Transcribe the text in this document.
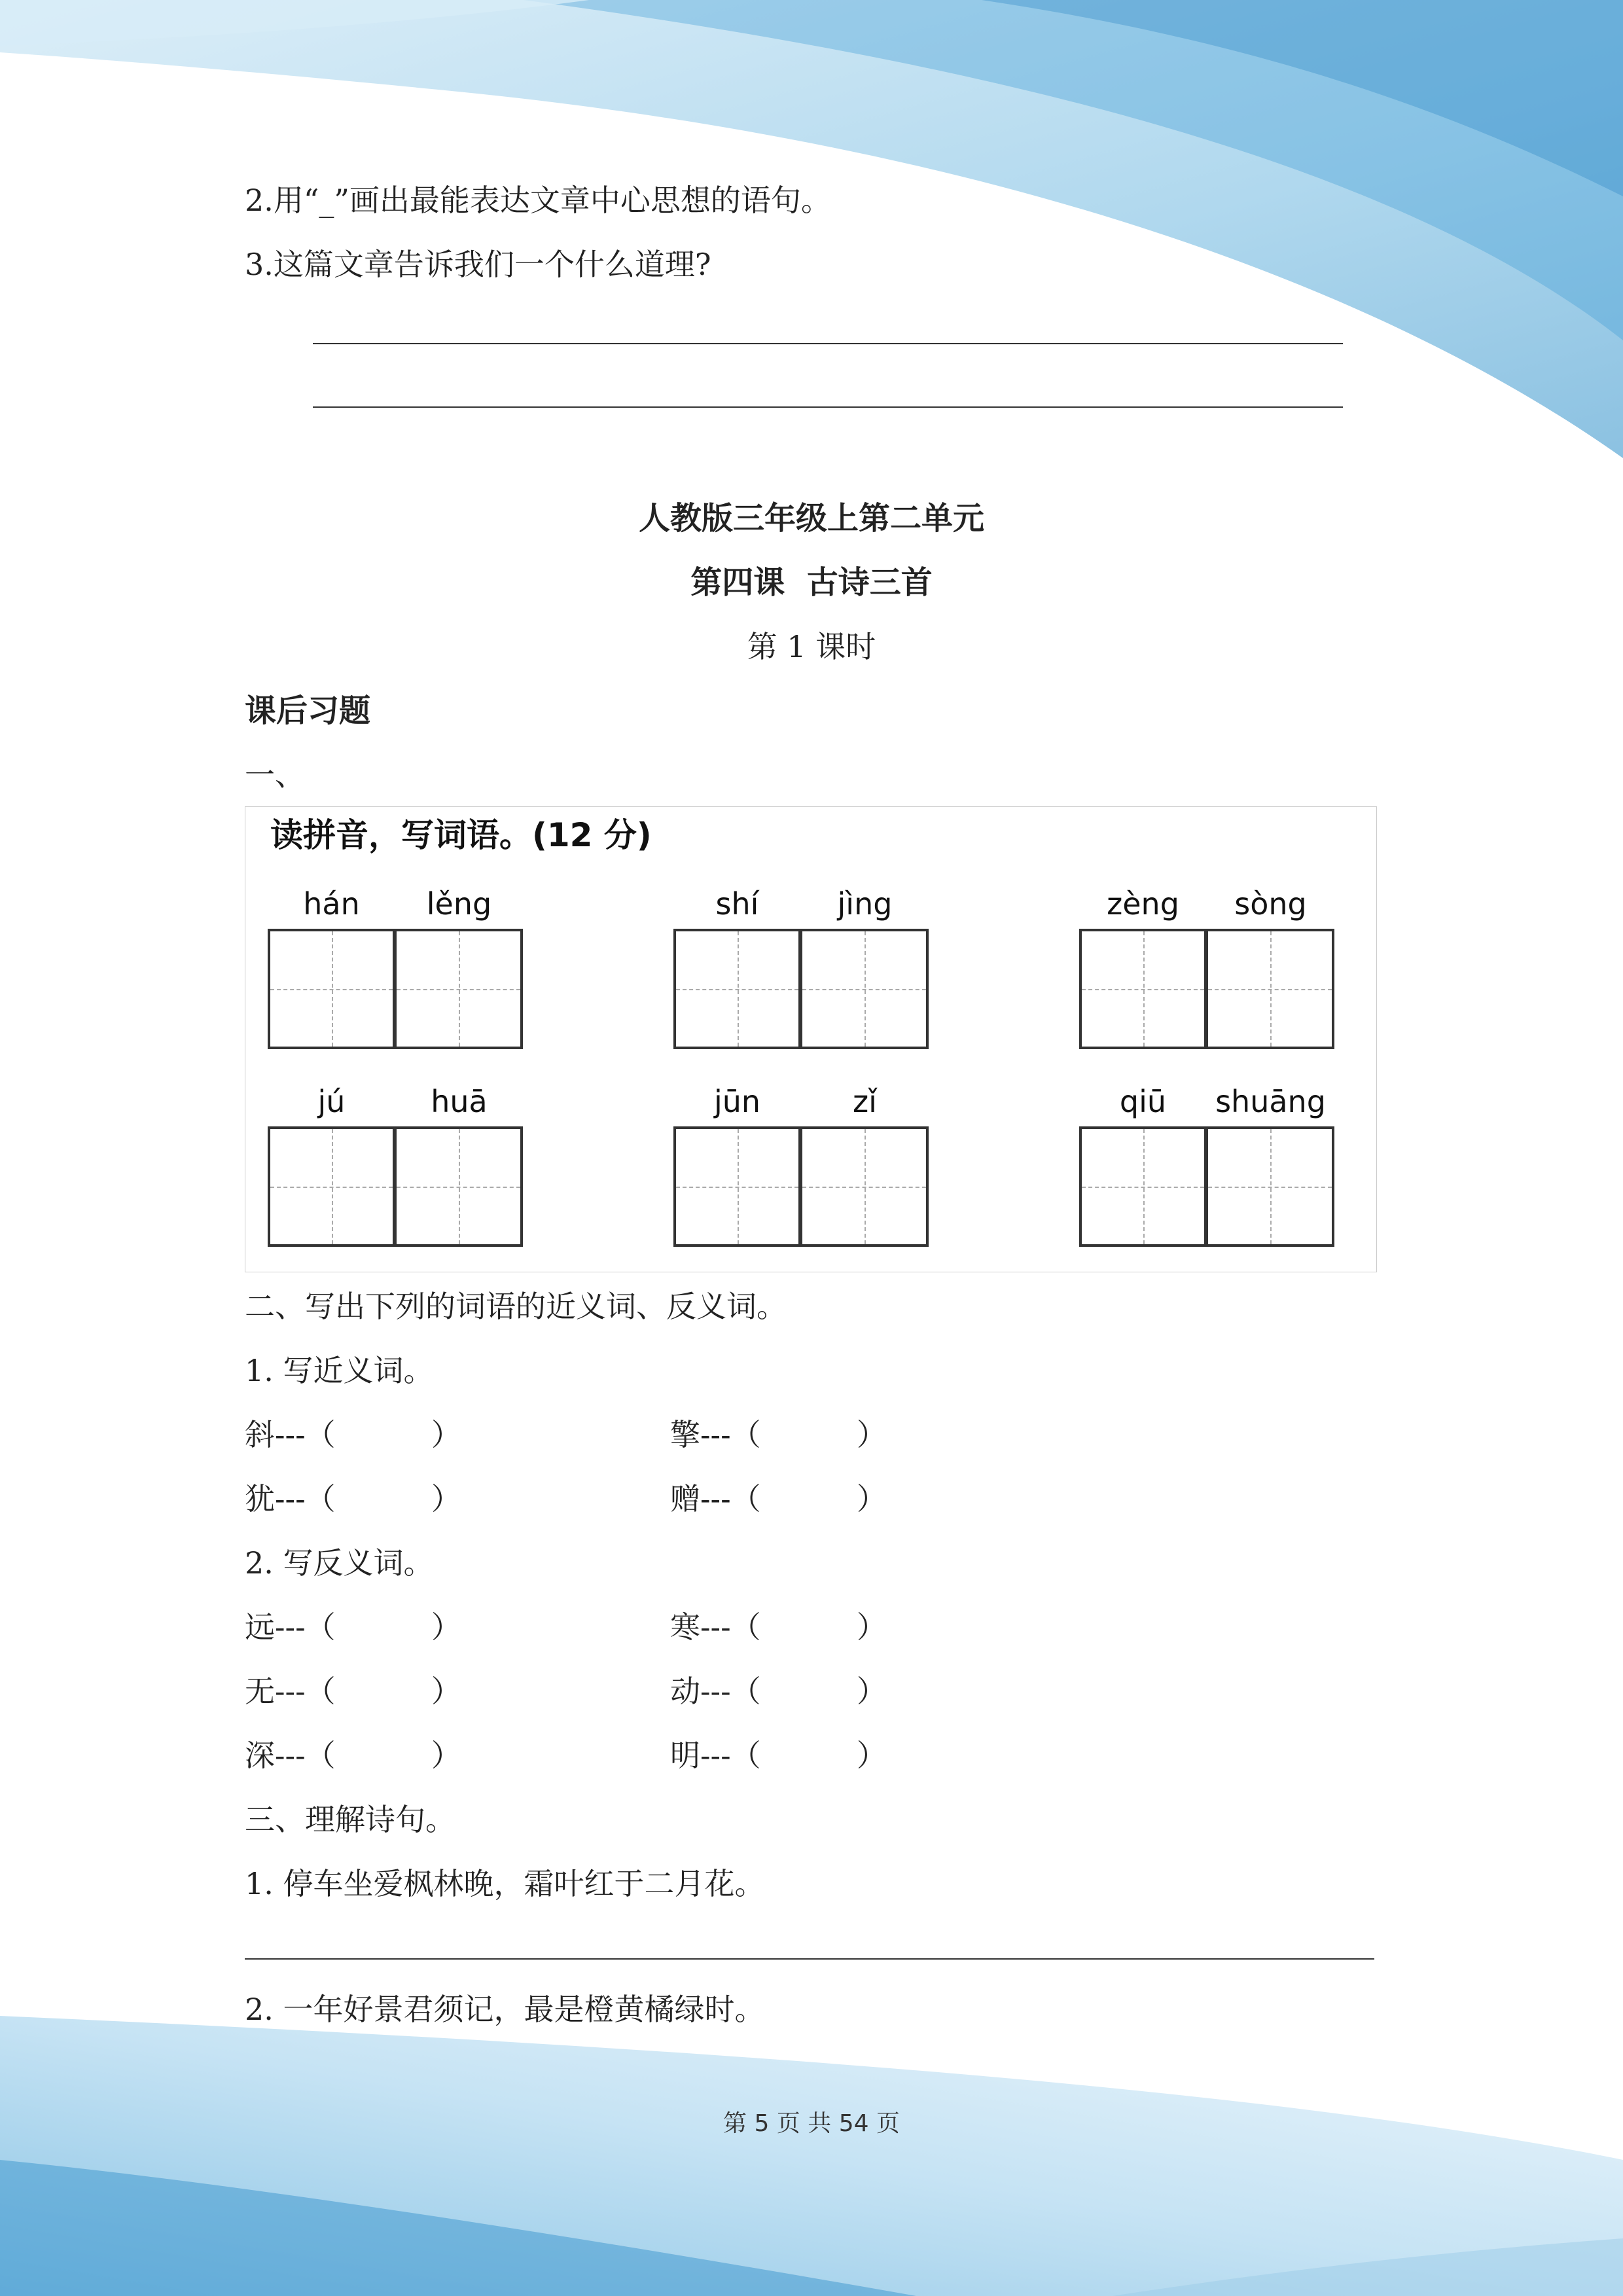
2.用“_”画出最能表达文章中心思想的语句。
3.这篇文章告诉我们一个什么道理?
人教版三年级上第二单元
第四课  古诗三首
第 1 课时
课后习题
一、
读拼音，写词语。(12 分)
hán	lěng	shí	jìng	zèng	sòng
jú	huā	jūn	zǐ	qiū	shuāng
二、写出下列的词语的近义词、反义词。
1. 写近义词。
斜---（          ）	擎---（          ）
犹---（          ）	赠---（          ）
2. 写反义词。
远---（          ）	寒---（          ）
无---（          ）	动---（          ）
深---（          ）	明---（          ）
三、理解诗句。
1. 停车坐爱枫林晚，霜叶红于二月花。
2. 一年好景君须记，最是橙黄橘绿时。
第 5 页 共 54 页
